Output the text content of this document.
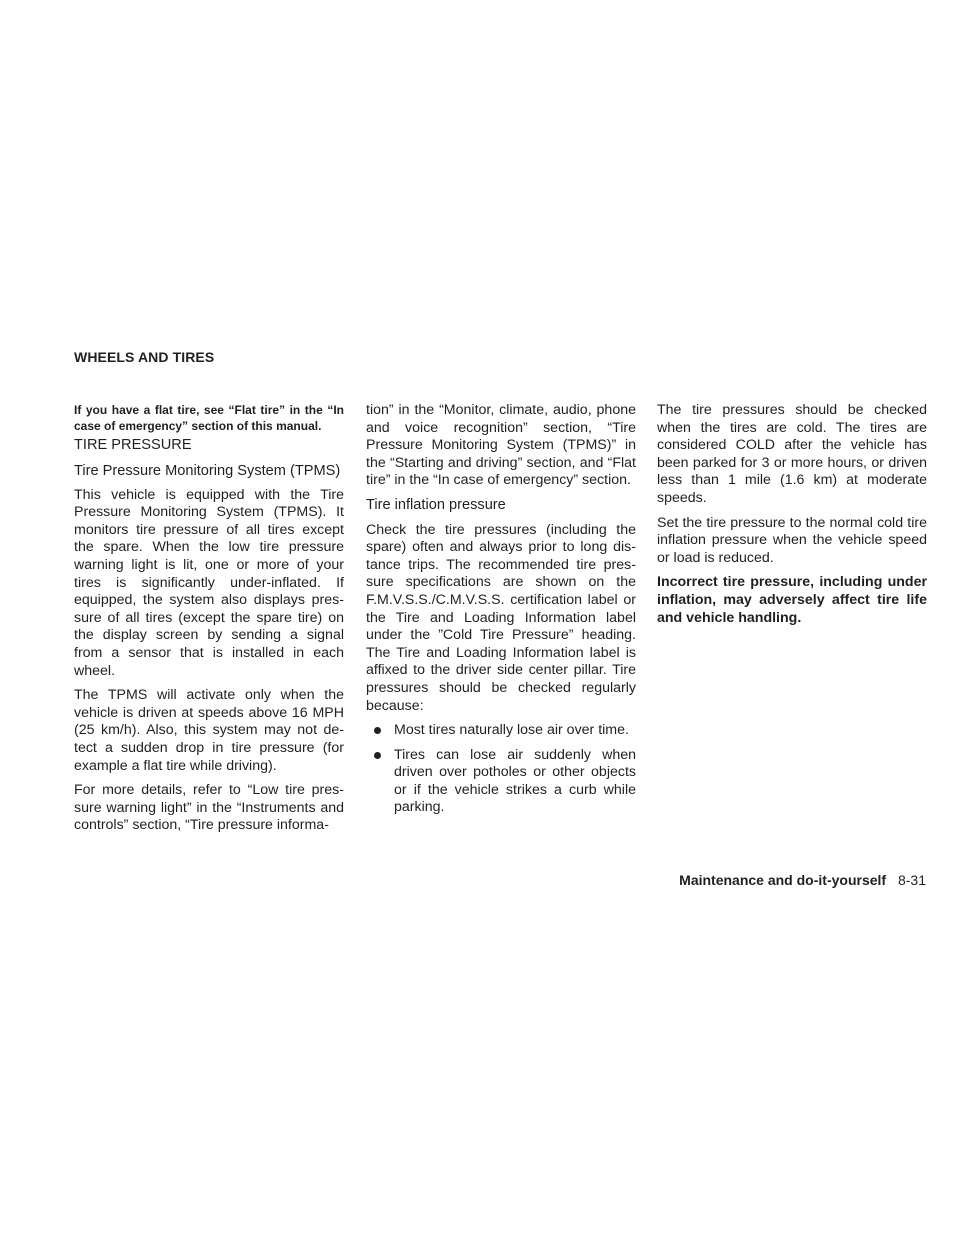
WHEELS AND TIRES

If you have a flat tire, see “Flat tire” in the “In case of emergency” section of this manual.

TIRE PRESSURE

Tire Pressure Monitoring System (TPMS)

This vehicle is equipped with the Tire Pressure Monitoring System (TPMS). It monitors tire pressure of all tires except the spare. When the low tire pressure warning light is lit, one or more of your tires is significantly under-inflated. If equipped, the system also displays pressure of all tires (except the spare tire) on the display screen by sending a signal from a sensor that is installed in each wheel.

The TPMS will activate only when the vehicle is driven at speeds above 16 MPH (25 km/h). Also, this system may not detect a sudden drop in tire pressure (for example a flat tire while driving).

For more details, refer to “Low tire pressure warning light” in the “Instruments and controls” section, “Tire pressure informa-

tion” in the “Monitor, climate, audio, phone and voice recognition” section, “Tire Pressure Monitoring System (TPMS)” in the “Starting and driving” section, and “Flat tire” in the “In case of emergency” section.

Tire inflation pressure

Check the tire pressures (including the spare) often and always prior to long distance trips. The recommended tire pressure specifications are shown on the F.M.V.S.S./C.M.V.S.S. certification label or the Tire and Loading Information label under the ”Cold Tire Pressure” heading. The Tire and Loading Information label is affixed to the driver side center pillar. Tire pressures should be checked regularly because:

Most tires naturally lose air over time.
Tires can lose air suddenly when driven over potholes or other objects or if the vehicle strikes a curb while parking.

The tire pressures should be checked when the tires are cold. The tires are considered COLD after the vehicle has been parked for 3 or more hours, or driven less than 1 mile (1.6 km) at moderate speeds.

Set the tire pressure to the normal cold tire inflation pressure when the vehicle speed or load is reduced.

Incorrect tire pressure, including under inflation, may adversely affect tire life and vehicle handling.

Maintenance and do-it-yourself 8-31
